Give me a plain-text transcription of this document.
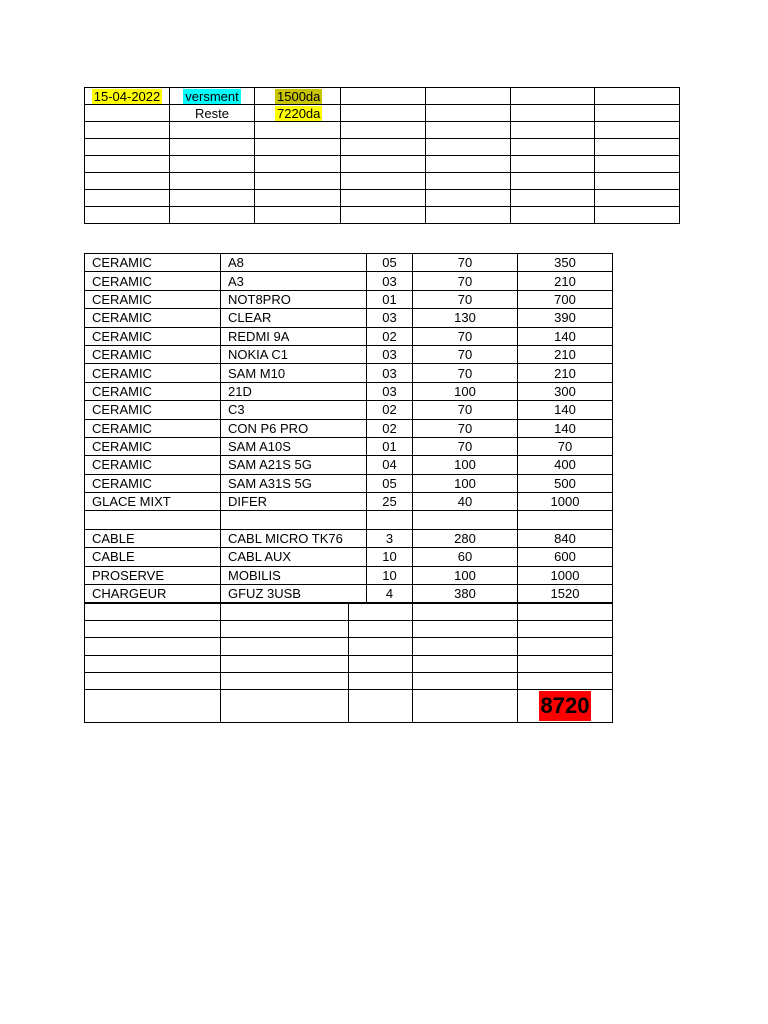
15-04-2022	versment	1500da				
	Reste	7220da				

CERAMIC	A8	05	70	350
CERAMIC	A3	03	70	210
CERAMIC	NOT8PRO	01	70	700
CERAMIC	CLEAR	03	130	390
CERAMIC	REDMI 9A	02	70	140
CERAMIC	NOKIA C1	03	70	210
CERAMIC	SAM M10	03	70	210
CERAMIC	21D	03	100	300
CERAMIC	C3	02	70	140
CERAMIC	CON P6 PRO	02	70	140
CERAMIC	SAM A10S	01	70	70
CERAMIC	SAM A21S 5G	04	100	400
CERAMIC	SAM A31S 5G	05	100	500
GLACE MIXT	DIFER	25	40	1000

CABLE	CABL MICRO TK76	3	280	840
CABLE	CABL AUX	10	60	600
PROSERVE	MOBILIS	10	100	1000
CHARGEUR	GFUZ 3USB	4	380	1520

				8720
